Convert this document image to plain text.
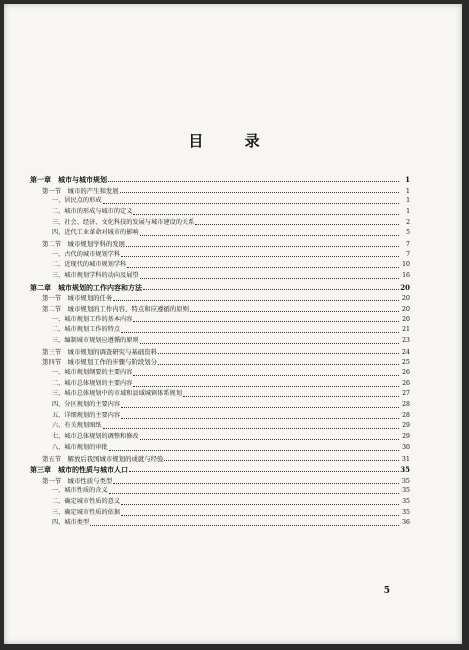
目 录
第一章　城市与城市规划	1
第一节　城市的产生和发展	1
一、居民点的形成	1
二、城市的形成与城市的定义	1
三、社会、经济、文化科技的发展与城市建设的关系	2
四、近代工业革命对城市的影响	5
第二节　城市规划学科的发展	7
一、古代的城市规划学科	7
二、近现代的城市规划学科	10
三、城市规划学科的动向及展望	16
第二章　城市规划的工作内容和方法	20
第一节　城市规划的任务	20
第二节　城市规划的工作内容、特点和应遵循的原则	20
一、城市规划工作的基本内容	20
二、城市规划工作的特点	21
三、编制城市规划应遵循的原则	23
第三节　城市规划的调查研究与基础资料	24
第四节　城市规划工作的步骤与阶段划分	25
一、城市规划纲要的主要内容	26
二、城市总体规划的主要内容	26
三、城市总体规划中的市域和县域城镇体系规划	27
四、分区规划的主要内容	28
五、详细规划的主要内容	28
六、有关规划图纸	29
七、城市总体规划的调整和修改	29
八、城市规划的审批	30
第五节　解放后我国城市规划的成就与经验	31
第三章　城市的性质与城市人口	35
第一节　城市性质与类型	35
一、城市性质的含义	35
二、确定城市性质的意义	35
三、确定城市性质的依据	35
四、城市类型	36
5
